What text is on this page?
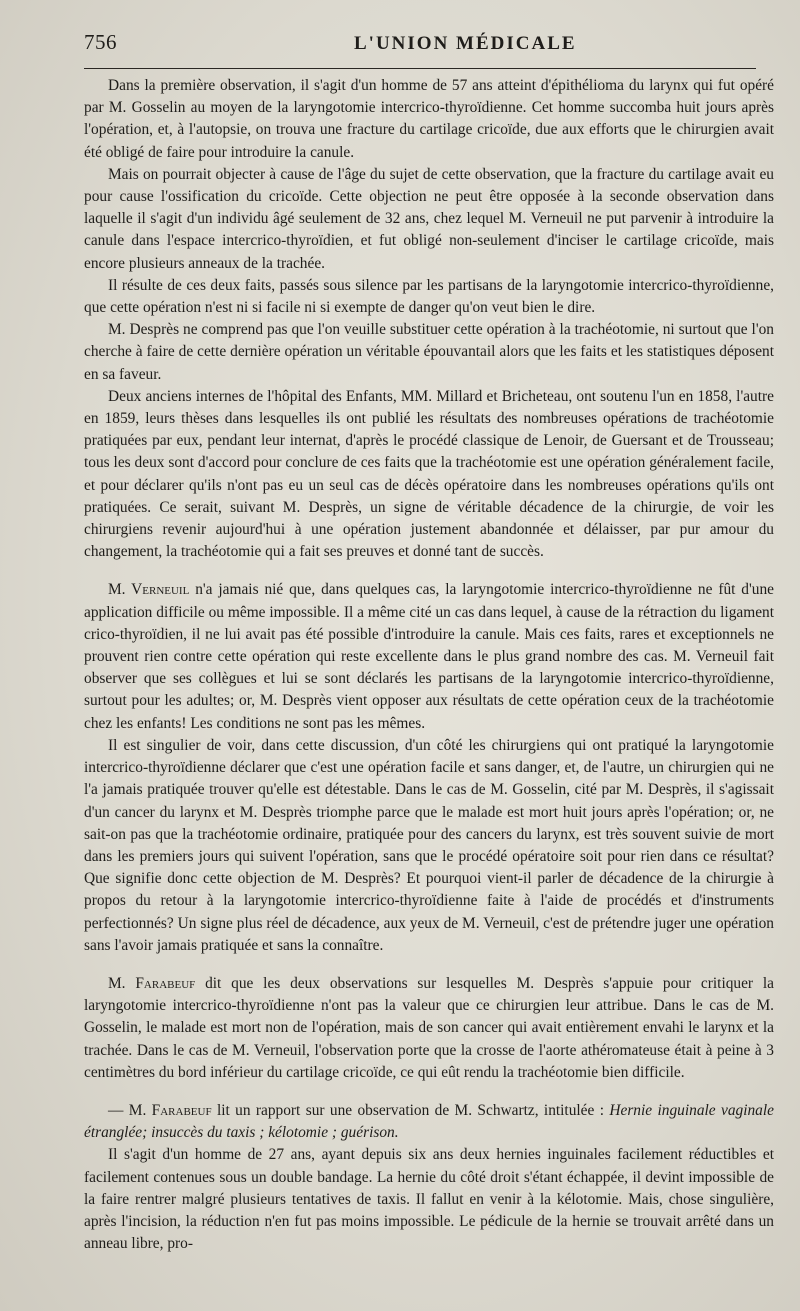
756	L'UNION MÉDICALE

Dans la première observation, il s'agit d'un homme de 57 ans atteint d'épithélioma du larynx qui fut opéré par M. Gosselin au moyen de la laryngotomie intercrico-thyroïdienne. Cet homme succomba huit jours après l'opération, et, à l'autopsie, on trouva une fracture du cartilage cricoïde, due aux efforts que le chirurgien avait été obligé de faire pour introduire la canule.

Mais on pourrait objecter à cause de l'âge du sujet de cette observation, que la fracture du cartilage avait eu pour cause l'ossification du cricoïde. Cette objection ne peut être opposée à la seconde observation dans laquelle il s'agit d'un individu âgé seulement de 32 ans, chez lequel M. Verneuil ne put parvenir à introduire la canule dans l'espace intercrico-thyroïdien, et fut obligé non-seulement d'inciser le cartilage cricoïde, mais encore plusieurs anneaux de la trachée.

Il résulte de ces deux faits, passés sous silence par les partisans de la laryngotomie intercrico-thyroïdienne, que cette opération n'est ni si facile ni si exempte de danger qu'on veut bien le dire.

M. Desprès ne comprend pas que l'on veuille substituer cette opération à la trachéotomie, ni surtout que l'on cherche à faire de cette dernière opération un véritable épouvantail alors que les faits et les statistiques déposent en sa faveur.

Deux anciens internes de l'hôpital des Enfants, MM. Millard et Bricheteau, ont soutenu l'un en 1858, l'autre en 1859, leurs thèses dans lesquelles ils ont publié les résultats des nombreuses opérations de trachéotomie pratiquées par eux, pendant leur internat, d'après le procédé classique de Lenoir, de Guersant et de Trousseau; tous les deux sont d'accord pour conclure de ces faits que la trachéotomie est une opération généralement facile, et pour déclarer qu'ils n'ont pas eu un seul cas de décès opératoire dans les nombreuses opérations qu'ils ont pratiquées. Ce serait, suivant M. Desprès, un signe de véritable décadence de la chirurgie, de voir les chirurgiens revenir aujourd'hui à une opération justement abandonnée et délaisser, par pur amour du changement, la trachéotomie qui a fait ses preuves et donné tant de succès.

M. Verneuil n'a jamais nié que, dans quelques cas, la laryngotomie intercrico-thyroïdienne ne fût d'une application difficile ou même impossible. Il a même cité un cas dans lequel, à cause de la rétraction du ligament crico-thyroïdien, il ne lui avait pas été possible d'introduire la canule. Mais ces faits, rares et exceptionnels ne prouvent rien contre cette opération qui reste excellente dans le plus grand nombre des cas. M. Verneuil fait observer que ses collègues et lui se sont déclarés les partisans de la laryngotomie intercrico-thyroïdienne, surtout pour les adultes; or, M. Desprès vient opposer aux résultats de cette opération ceux de la trachéotomie chez les enfants! Les conditions ne sont pas les mêmes.

Il est singulier de voir, dans cette discussion, d'un côté les chirurgiens qui ont pratiqué la laryngotomie intercrico-thyroïdienne déclarer que c'est une opération facile et sans danger, et, de l'autre, un chirurgien qui ne l'a jamais pratiquée trouver qu'elle est détestable. Dans le cas de M. Gosselin, cité par M. Desprès, il s'agissait d'un cancer du larynx et M. Desprès triomphe parce que le malade est mort huit jours après l'opération; or, ne sait-on pas que la trachéotomie ordinaire, pratiquée pour des cancers du larynx, est très souvent suivie de mort dans les premiers jours qui suivent l'opération, sans que le procédé opératoire soit pour rien dans ce résultat? Que signifie donc cette objection de M. Desprès? Et pourquoi vient-il parler de décadence de la chirurgie à propos du retour à la laryngotomie intercrico-thyroïdienne faite à l'aide de procédés et d'instruments perfectionnés? Un signe plus réel de décadence, aux yeux de M. Verneuil, c'est de prétendre juger une opération sans l'avoir jamais pratiquée et sans la connaître.

M. Farabeuf dit que les deux observations sur lesquelles M. Desprès s'appuie pour critiquer la laryngotomie intercrico-thyroïdienne n'ont pas la valeur que ce chirurgien leur attribue. Dans le cas de M. Gosselin, le malade est mort non de l'opération, mais de son cancer qui avait entièrement envahi le larynx et la trachée. Dans le cas de M. Verneuil, l'observation porte que la crosse de l'aorte athéromateuse était à peine à 3 centimètres du bord inférieur du cartilage cricoïde, ce qui eût rendu la trachéotomie bien difficile.

— M. Farabeuf lit un rapport sur une observation de M. Schwartz, intitulée : Hernie inguinale vaginale étranglée; insuccès du taxis ; kélotomie ; guérison.

Il s'agit d'un homme de 27 ans, ayant depuis six ans deux hernies inguinales facilement réductibles et facilement contenues sous un double bandage. La hernie du côté droit s'étant échappée, il devint impossible de la faire rentrer malgré plusieurs tentatives de taxis. Il fallut en venir à la kélotomie. Mais, chose singulière, après l'incision, la réduction n'en fut pas moins impossible. Le pédicule de la hernie se trouvait arrêté dans un anneau libre, pro-
